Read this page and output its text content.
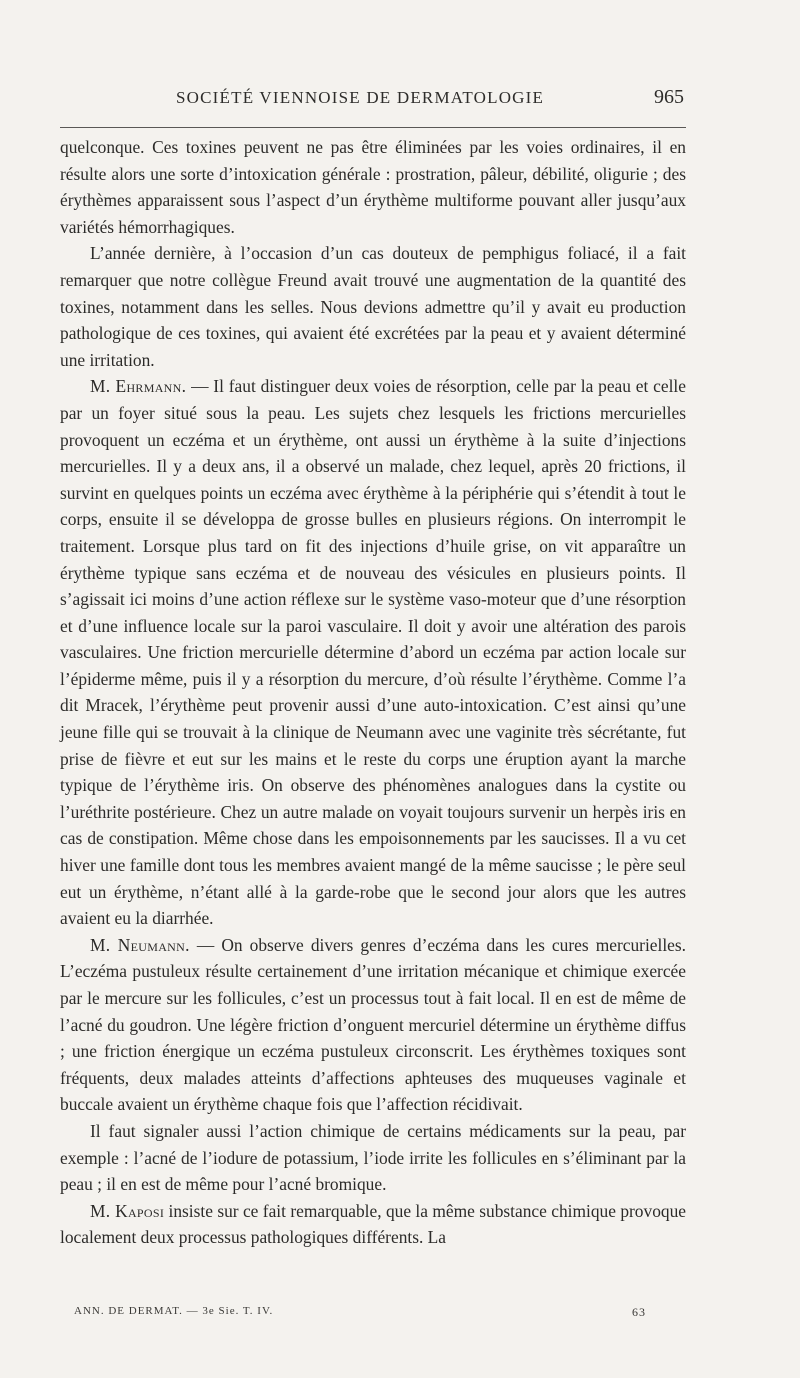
SOCIÉTÉ VIENNOISE DE DERMATOLOGIE	965

quelconque. Ces toxines peuvent ne pas être éliminées par les voies ordinaires, il en résulte alors une sorte d’intoxication générale : prostration, pâleur, débilité, oligurie ; des érythèmes apparaissent sous l’aspect d’un érythème multiforme pouvant aller jusqu’aux variétés hémorrhagiques.

L’année dernière, à l’occasion d’un cas douteux de pemphigus foliacé, il a fait remarquer que notre collègue Freund avait trouvé une augmentation de la quantité des toxines, notamment dans les selles. Nous devions admettre qu’il y avait eu production pathologique de ces toxines, qui avaient été excrétées par la peau et y avaient déterminé une irritation.

M. Ehrmann. — Il faut distinguer deux voies de résorption, celle par la peau et celle par un foyer situé sous la peau. Les sujets chez lesquels les frictions mercurielles provoquent un eczéma et un érythème, ont aussi un érythème à la suite d’injections mercurielles. Il y a deux ans, il a observé un malade, chez lequel, après 20 frictions, il survint en quelques points un eczéma avec érythème à la périphérie qui s’étendit à tout le corps, ensuite il se développa de grosse bulles en plusieurs régions. On interrompit le traitement. Lorsque plus tard on fit des injections d’huile grise, on vit apparaître un érythème typique sans eczéma et de nouveau des vésicules en plusieurs points. Il s’agissait ici moins d’une action réflexe sur le système vaso-moteur que d’une résorption et d’une influence locale sur la paroi vasculaire. Il doit y avoir une altération des parois vasculaires. Une friction mercurielle détermine d’abord un eczéma par action locale sur l’épiderme même, puis il y a résorption du mercure, d’où résulte l’érythème. Comme l’a dit Mracek, l’érythème peut provenir aussi d’une auto-intoxication. C’est ainsi qu’une jeune fille qui se trouvait à la clinique de Neumann avec une vaginite très sécrétante, fut prise de fièvre et eut sur les mains et le reste du corps une éruption ayant la marche typique de l’érythème iris. On observe des phénomènes analogues dans la cystite ou l’uréthrite postérieure. Chez un autre malade on voyait toujours survenir un herpès iris en cas de constipation. Même chose dans les empoisonnements par les saucisses. Il a vu cet hiver une famille dont tous les membres avaient mangé de la même saucisse ; le père seul eut un érythème, n’étant allé à la garde-robe que le second jour alors que les autres avaient eu la diarrhée.

M. Neumann. — On observe divers genres d’eczéma dans les cures mercurielles. L’eczéma pustuleux résulte certainement d’une irritation mécanique et chimique exercée par le mercure sur les follicules, c’est un processus tout à fait local. Il en est de même de l’acné du goudron. Une légère friction d’onguent mercuriel détermine un érythème diffus ; une friction énergique un eczéma pustuleux circonscrit. Les érythèmes toxiques sont fréquents, deux malades atteints d’affections aphteuses des muqueuses vaginale et buccale avaient un érythème chaque fois que l’affection récidivait.

Il faut signaler aussi l’action chimique de certains médicaments sur la peau, par exemple : l’acné de l’iodure de potassium, l’iode irrite les follicules en s’éliminant par la peau ; il en est de même pour l’acné bromique.

M. Kaposi insiste sur ce fait remarquable, que la même substance chimique provoque localement deux processus pathologiques différents. La

ANN. DE DERMAT. — 3e Sie. T. IV.	63
